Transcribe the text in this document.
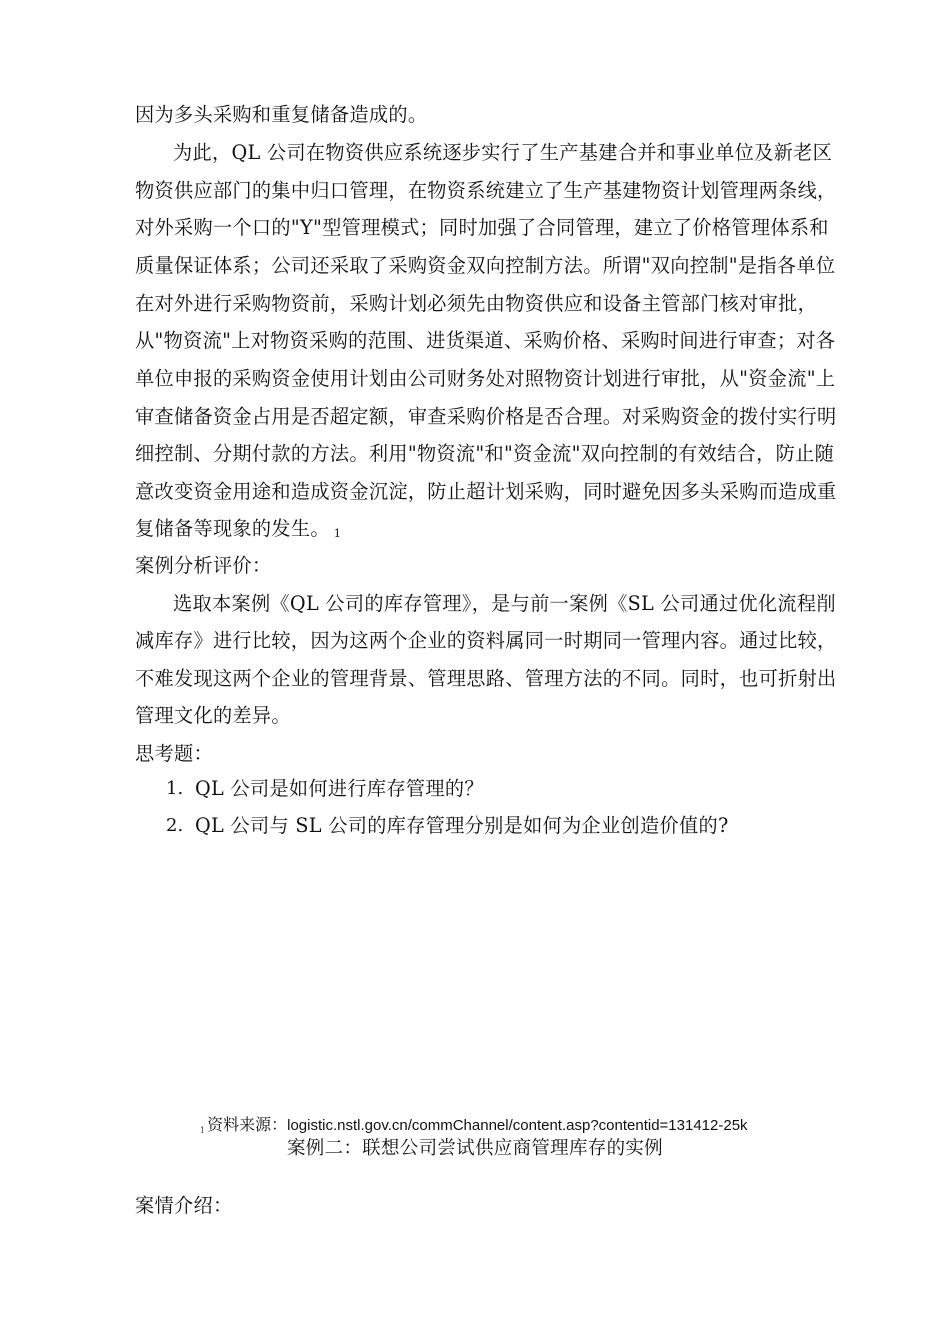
因为多头采购和重复储备造成的。
为此，QL 公司在物资供应系统逐步实行了生产基建合并和事业单位及新老区
物资供应部门的集中归口管理，在物资系统建立了生产基建物资计划管理两条线，
对外采购一个口的"Y"型管理模式；同时加强了合同管理，建立了价格管理体系和
质量保证体系；公司还采取了采购资金双向控制方法。所谓"双向控制"是指各单位
在对外进行采购物资前，采购计划必须先由物资供应和设备主管部门核对审批，
从"物资流"上对物资采购的范围、进货渠道、采购价格、采购时间进行审查；对各
单位申报的采购资金使用计划由公司财务处对照物资计划进行审批，从"资金流"上
审查储备资金占用是否超定额，审查采购价格是否合理。对采购资金的拨付实行明
细控制、分期付款的方法。利用"物资流"和"资金流"双向控制的有效结合，防止随
意改变资金用途和造成资金沉淀，防止超计划采购，同时避免因多头采购而造成重
复储备等现象的发生。 1
案例分析评价：
选取本案例《QL 公司的库存管理》，是与前一案例《SL 公司通过优化流程削
减库存》进行比较，因为这两个企业的资料属同一时期同一管理内容。通过比较，
不难发现这两个企业的管理背景、管理思路、管理方法的不同。同时，也可折射出
管理文化的差异。
思考题：
1. QL 公司是如何进行库存管理的？
2. QL 公司与 SL 公司的库存管理分别是如何为企业创造价值的?
1 资料来源：logistic.nstl.gov.cn/commChannel/content.asp?contentid=131412-25k
案例二：联想公司尝试供应商管理库存的实例
案情介绍：
